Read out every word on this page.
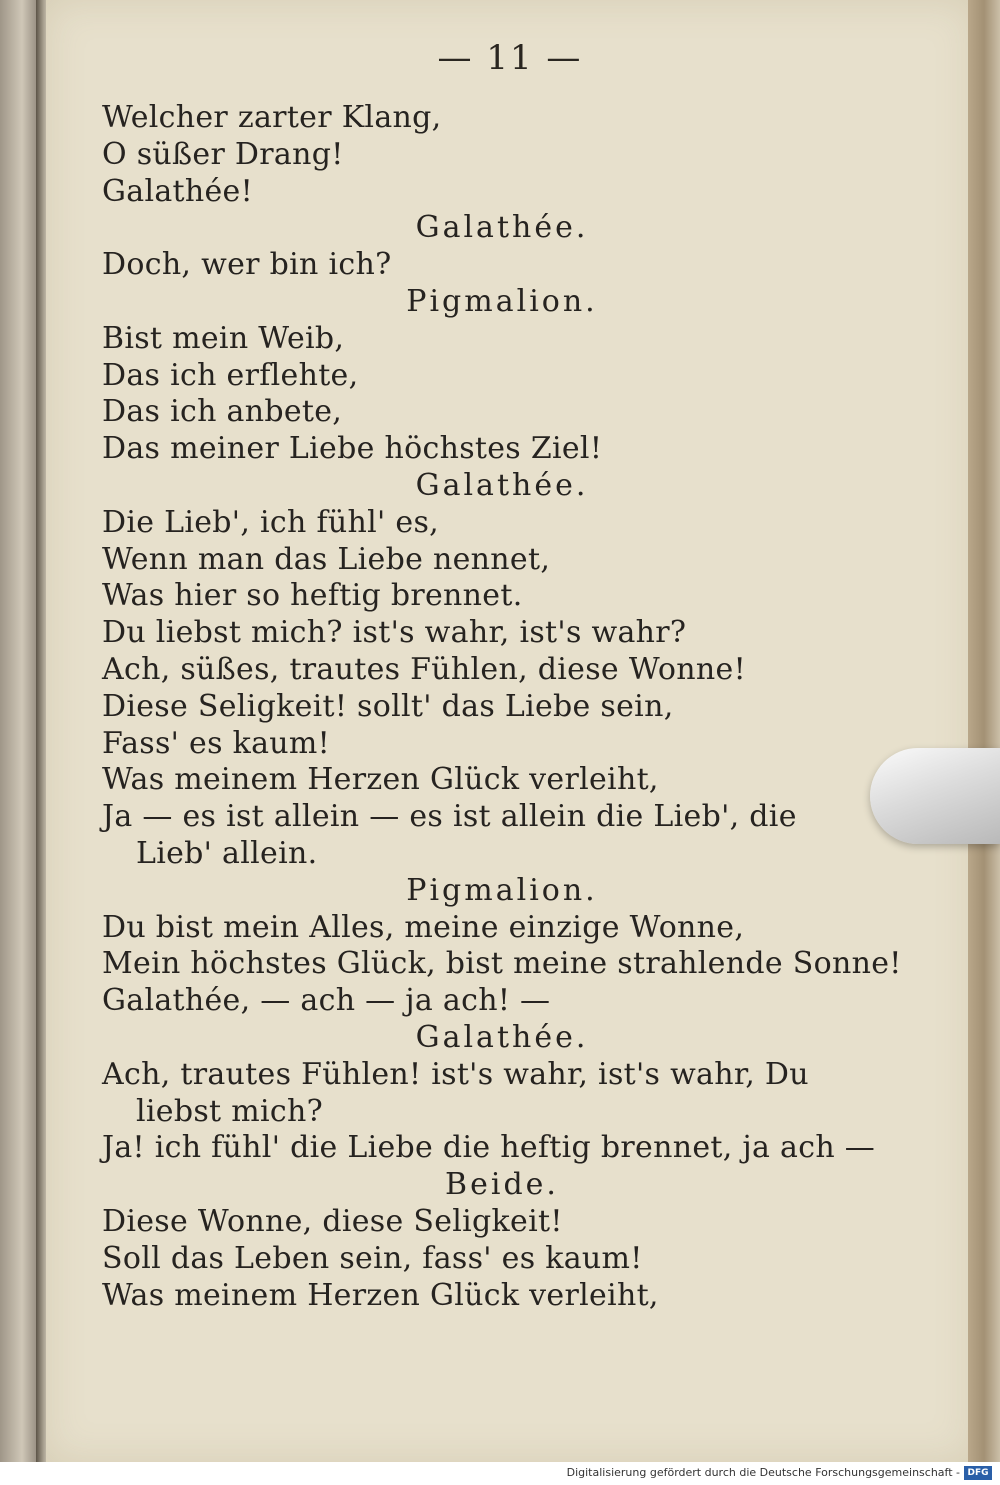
— 11 —
Welcher zarter Klang,
O süßer Drang!
Galathée!
Galathée.
Doch, wer bin ich?
Pigmalion.
Bist mein Weib,
Das ich erflehte,
Das ich anbete,
Das meiner Liebe höchstes Ziel!
Galathée.
Die Lieb', ich fühl' es,
Wenn man das Liebe nennet,
Was hier so heftig brennet.
Du liebst mich? ist's wahr, ist's wahr?
Ach, süßes, trautes Fühlen, diese Wonne!
Diese Seligkeit! sollt' das Liebe sein,
Fass' es kaum!
Was meinem Herzen Glück verleiht,
Ja — es ist allein — es ist allein die Lieb', die
Lieb' allein.
Pigmalion.
Du bist mein Alles, meine einzige Wonne,
Mein höchstes Glück, bist meine strahlende Sonne!
Galathée, — ach — ja ach! —
Galathée.
Ach, trautes Fühlen! ist's wahr, ist's wahr, Du
liebst mich?
Ja! ich fühl' die Liebe die heftig brennet, ja ach —
Beide.
Diese Wonne, diese Seligkeit!
Soll das Leben sein, fass' es kaum!
Was meinem Herzen Glück verleiht,
Digitalisierung gefördert durch die Deutsche Forschungsgemeinschaft - DFG
